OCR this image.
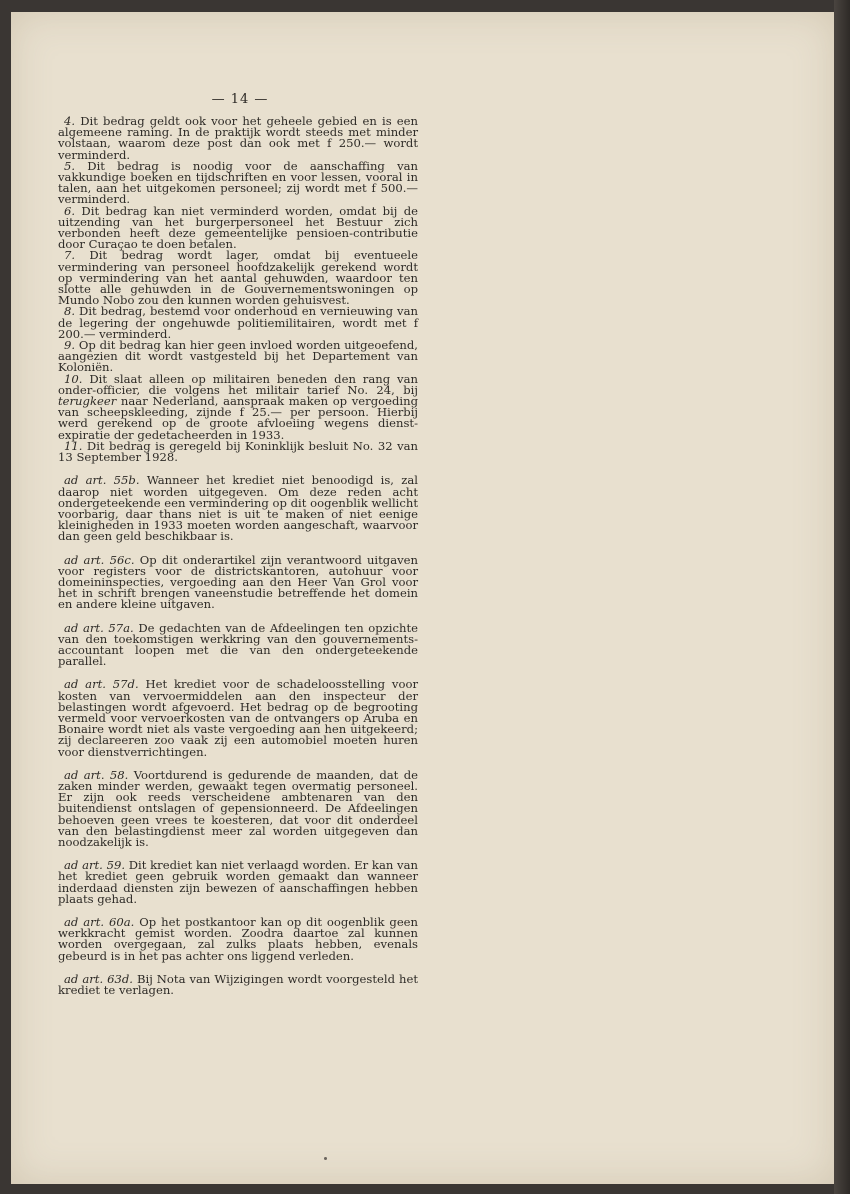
— 14 —

4. Dit bedrag geldt ook voor het geheele gebied en is een algemeene raming. In de praktijk wordt steeds met minder volstaan, waarom deze post dan ook met f 250.— wordt verminderd.

5. Dit bedrag is noodig voor de aanschaffing van vakkundige boeken en tijdschriften en voor lessen, vooral in talen, aan het uitgekomen personeel; zij wordt met f 500.— verminderd.

6. Dit bedrag kan niet verminderd worden, omdat bij de uitzending van het burgerpersoneel het Bestuur zich verbonden heeft deze gemeentelijke pensioen-contributie door Curaçao te doen betalen.

7. Dit bedrag wordt lager, omdat bij eventueele vermindering van personeel hoofdzakelijk gerekend wordt op vermindering van het aantal gehuwden, waardoor ten slotte alle gehuwden in de Gouvernementswoningen op Mundo Nobo zou den kunnen worden gehuisvest.

8. Dit bedrag, bestemd voor onderhoud en vernieuwing van de legering der ongehuwde politiemilitairen, wordt met f 200.— verminderd.

9. Op dit bedrag kan hier geen invloed worden uitgeoefend, aangezien dit wordt vastgesteld bij het Departement van Koloniën.

10. Dit slaat alleen op militairen beneden den rang van onder-officier, die volgens het militair tarief No. 24, bij terugkeer naar Nederland, aanspraak maken op vergoeding van scheepskleeding, zijnde f 25.— per persoon. Hierbij werd gerekend op de groote afvloeiing wegens dienst-expiratie der gedetacheerden in 1933.

11. Dit bedrag is geregeld bij Koninklijk besluit No. 32 van 13 September 1928.

ad art. 55b. Wanneer het krediet niet benoodigd is, zal daarop niet worden uitgegeven. Om deze reden acht ondergeteekende een vermindering op dit oogenblik wellicht voorbarig, daar thans niet is uit te maken of niet eenige kleinigheden in 1933 moeten worden aangeschaft, waarvoor dan geen geld beschikbaar is.

ad art. 56c. Op dit onderartikel zijn verantwoord uitgaven voor registers voor de districtskantoren, autohuur voor domeininspecties, vergoeding aan den Heer Van Grol voor het in schrift brengen vaneenstudie betreffende het domein en andere kleine uitgaven.

ad art. 57a. De gedachten van de Afdeelingen ten opzichte van den toekomstigen werkkring van den gouvernements-accountant loopen met die van den ondergeteekende parallel.

ad art. 57d. Het krediet voor de schadeloosstelling voor kosten van vervoermiddelen aan den inspecteur der belastingen wordt afgevoerd. Het bedrag op de begrooting vermeld voor vervoerkosten van de ontvangers op Aruba en Bonaire wordt niet als vaste vergoeding aan hen uitgekeerd; zij declareeren zoo vaak zij een automobiel moeten huren voor dienstverrichtingen.

ad art. 58. Voortdurend is gedurende de maanden, dat de zaken minder werden, gewaakt tegen overmatig personeel. Er zijn ook reeds verscheidene ambtenaren van den buitendienst ontslagen of gepensionneerd. De Afdeelingen behoeven geen vrees te koesteren, dat voor dit onderdeel van den belastingdienst meer zal worden uitgegeven dan noodzakelijk is.

ad art. 59. Dit krediet kan niet verlaagd worden. Er kan van het krediet geen gebruik worden gemaakt dan wanneer inderdaad diensten zijn bewezen of aanschaffingen hebben plaats gehad.

ad art. 60a. Op het postkantoor kan op dit oogenblik geen werkkracht gemist worden. Zoodra daartoe zal kunnen worden overgegaan, zal zulks plaats hebben, evenals gebeurd is in het pas achter ons liggend verleden.

ad art. 63d. Bij Nota van Wijzigingen wordt voorgesteld het krediet te verlagen.
